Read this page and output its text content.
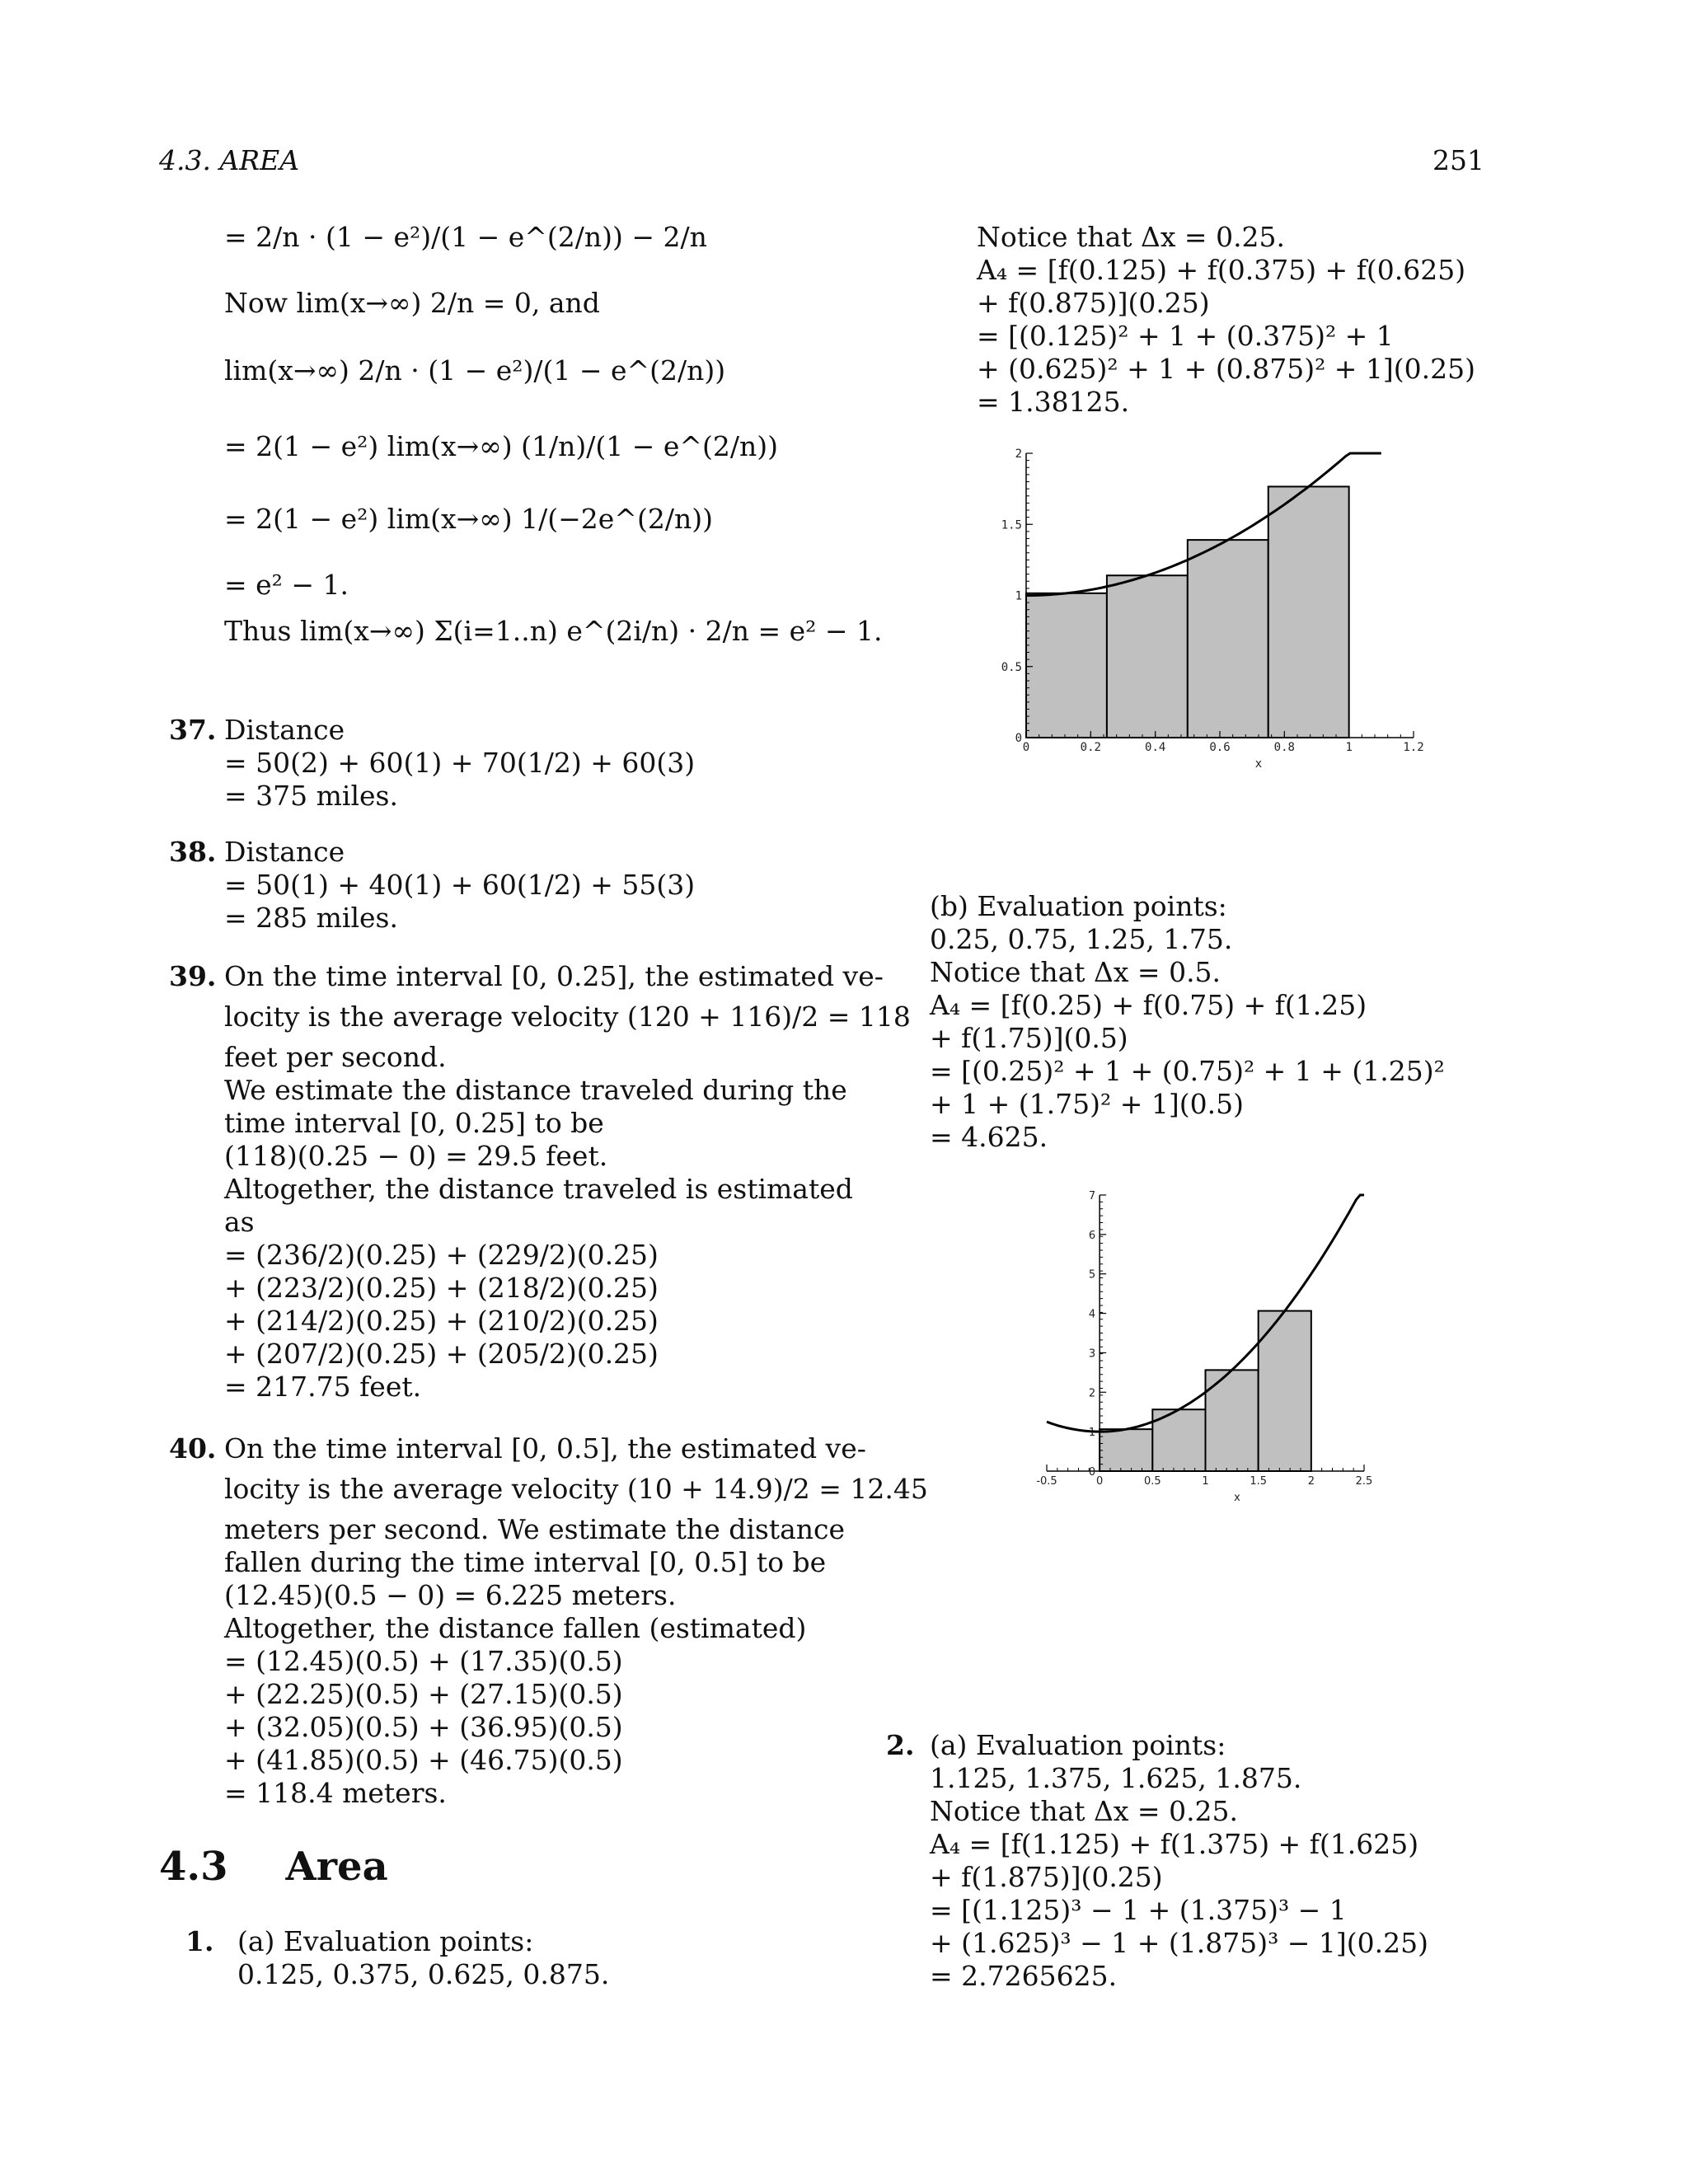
4.3. AREA	251
= 2/n · (1 − e²)/(1 − e^(2/n)) − 2/n
Now lim(x→∞) 2/n = 0, and
lim(x→∞) 2/n · (1 − e²)/(1 − e^(2/n))
= 2(1 − e²) lim(x→∞) (1/n)/(1 − e^(2/n))
= 2(1 − e²) lim(x→∞) 1/(−2e^(2/n))
= e² − 1.
Thus lim(x→∞) Σ(i=1..n) e^(2i/n) · 2/n = e² − 1.
37. Distance
= 50(2) + 60(1) + 70(1/2) + 60(3)
= 375 miles.
38. Distance
= 50(1) + 40(1) + 60(1/2) + 55(3)
= 285 miles.
39. On the time interval [0, 0.25], the estimated ve-
locity is the average velocity (120 + 116)/2 = 118
feet per second.
We estimate the distance traveled during the
time interval [0, 0.25] to be
(118)(0.25 − 0) = 29.5 feet.
Altogether, the distance traveled is estimated
as
= (236/2)(0.25) + (229/2)(0.25)
+ (223/2)(0.25) + (218/2)(0.25)
+ (214/2)(0.25) + (210/2)(0.25)
+ (207/2)(0.25) + (205/2)(0.25)
= 217.75 feet.
40. On the time interval [0, 0.5], the estimated ve-
locity is the average velocity (10 + 14.9)/2 = 12.45
meters per second. We estimate the distance
fallen during the time interval [0, 0.5] to be
(12.45)(0.5 − 0) = 6.225 meters.
Altogether, the distance fallen (estimated)
= (12.45)(0.5) + (17.35)(0.5)
+ (22.25)(0.5) + (27.15)(0.5)
+ (32.05)(0.5) + (36.95)(0.5)
+ (41.85)(0.5) + (46.75)(0.5)
= 118.4 meters.
4.3 Area
1. (a) Evaluation points:
0.125, 0.375, 0.625, 0.875.
Notice that Δx = 0.25.
A₄ = [f(0.125) + f(0.375) + f(0.625)
+ f(0.875)](0.25)
= [(0.125)² + 1 + (0.375)² + 1
+ (0.625)² + 1 + (0.875)² + 1](0.25)
= 1.38125.
0	0.2	0.4	0.6	0.8	1	1.2
0
0.5
1
1.5
2
x
(b) Evaluation points:
0.25, 0.75, 1.25, 1.75.
Notice that Δx = 0.5.
A₄ = [f(0.25) + f(0.75) + f(1.25)
+ f(1.75)](0.5)
= [(0.25)² + 1 + (0.75)² + 1 + (1.25)²
+ 1 + (1.75)² + 1](0.5)
= 4.625.
-0.5	0	0.5	1	1.5	2	2.5
0
1
2
3
4
5
6
7
x
2. (a) Evaluation points:
1.125, 1.375, 1.625, 1.875.
Notice that Δx = 0.25.
A₄ = [f(1.125) + f(1.375) + f(1.625)
+ f(1.875)](0.25)
= [(1.125)³ − 1 + (1.375)³ − 1
+ (1.625)³ − 1 + (1.875)³ − 1](0.25)
= 2.7265625.
